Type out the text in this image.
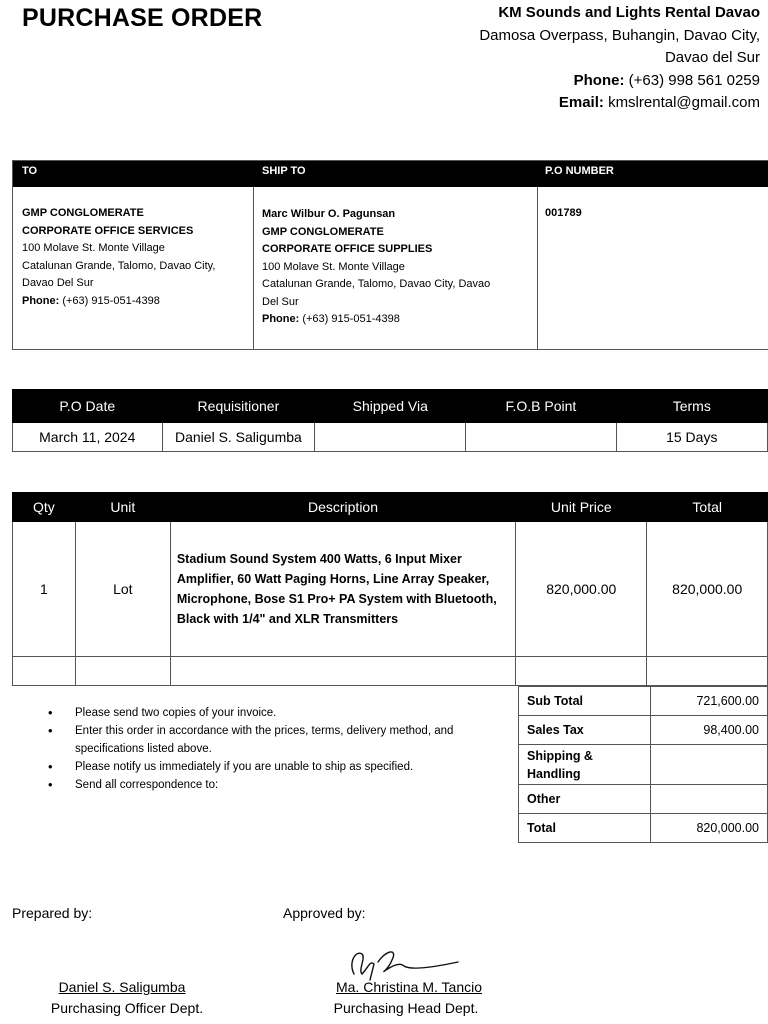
PURCHASE ORDER	KM Sounds and Lights Rental Davao
Damosa Overpass, Buhangin, Davao City,
Davao del Sur
Phone: (+63) 998 561 0259
Email: kmslrental@gmail.com
TO	SHIP TO	P.O NUMBER
GMP CONGLOMERATE
CORPORATE OFFICE SERVICES
100 Molave St. Monte Village
Catalunan Grande, Talomo, Davao City,
Davao Del Sur
Phone: (+63) 915-051-4398
Marc Wilbur O. Pagunsan
GMP CONGLOMERATE
CORPORATE OFFICE SUPPLIES
100 Molave St. Monte Village
Catalunan Grande, Talomo, Davao City, Davao
Del Sur
Phone: (+63) 915-051-4398
001789
P.O Date	Requisitioner	Shipped Via	F.O.B Point	Terms
March 11, 2024	Daniel S. Saligumba			15 Days
Qty	Unit	Description	Unit Price	Total
1	Lot	Stadium Sound System 400 Watts, 6 Input Mixer Amplifier, 60 Watt Paging Horns, Line Array Speaker, Microphone, Bose S1 Pro+ PA System with Bluetooth, Black with 1/4" and XLR Transmitters	820,000.00	820,000.00

• Please send two copies of your invoice.
• Enter this order in accordance with the prices, terms, delivery method, and specifications listed above.
• Please notify us immediately if you are unable to ship as specified.
• Send all correspondence to:
Sub Total	721,600.00
Sales Tax	98,400.00
Shipping & Handling	
Other	
Total	820,000.00
Prepared by:	Approved by:
Daniel S. Saligumba
Purchasing Officer Dept.
Ma. Christina M. Tancio
Purchasing Head Dept.
